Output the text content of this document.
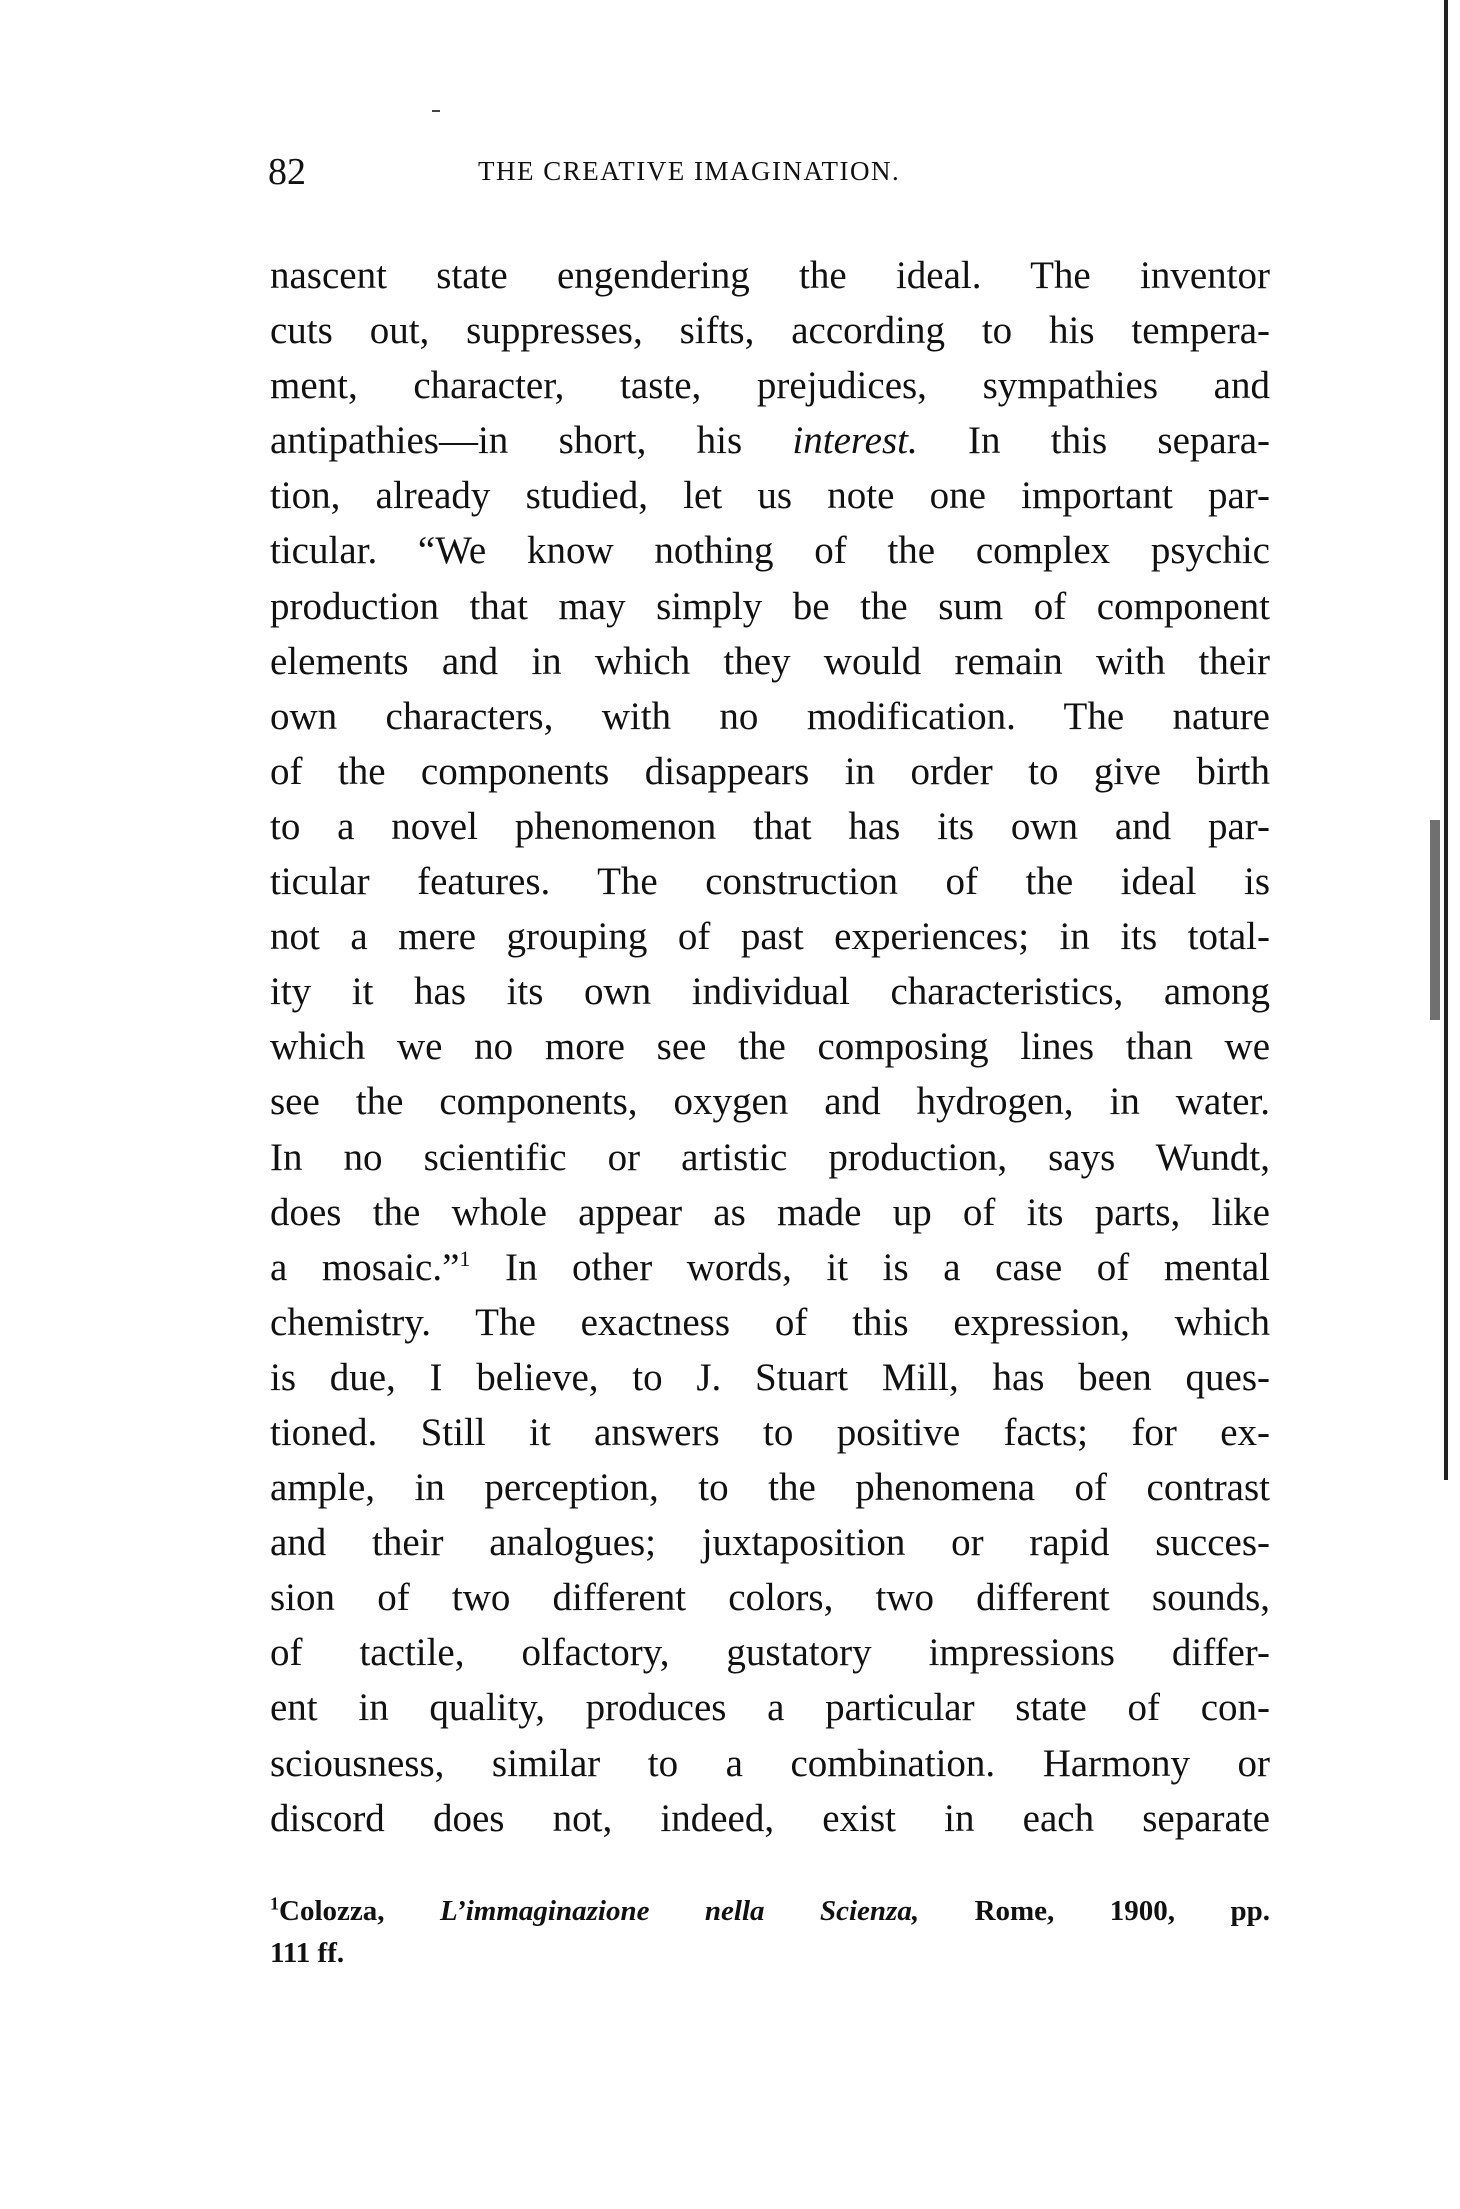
82	THE CREATIVE IMAGINATION.
nascent state engendering the ideal. The inventor
cuts out, suppresses, sifts, according to his tempera-
ment, character, taste, prejudices, sympathies and
antipathies—in short, his interest. In this separa-
tion, already studied, let us note one important par-
ticular. “We know nothing of the complex psychic
production that may simply be the sum of component
elements and in which they would remain with their
own characters, with no modification. The nature
of the components disappears in order to give birth
to a novel phenomenon that has its own and par-
ticular features. The construction of the ideal is
not a mere grouping of past experiences; in its total-
ity it has its own individual characteristics, among
which we no more see the composing lines than we
see the components, oxygen and hydrogen, in water.
In no scientific or artistic production, says Wundt,
does the whole appear as made up of its parts, like
a mosaic.”$^1$ In other words, it is a case of mental
chemistry. The exactness of this expression, which
is due, I believe, to J. Stuart Mill, has been ques-
tioned. Still it answers to positive facts; for ex-
ample, in perception, to the phenomena of contrast
and their analogues; juxtaposition or rapid succes-
sion of two different colors, two different sounds,
of tactile, olfactory, gustatory impressions differ-
ent in quality, produces a particular state of con-
sciousness, similar to a combination. Harmony or
discord does not, indeed, exist in each separate
$^1$Colozza, L’immaginazione nella Scienza, Rome, 1900, pp.
111 ff.
